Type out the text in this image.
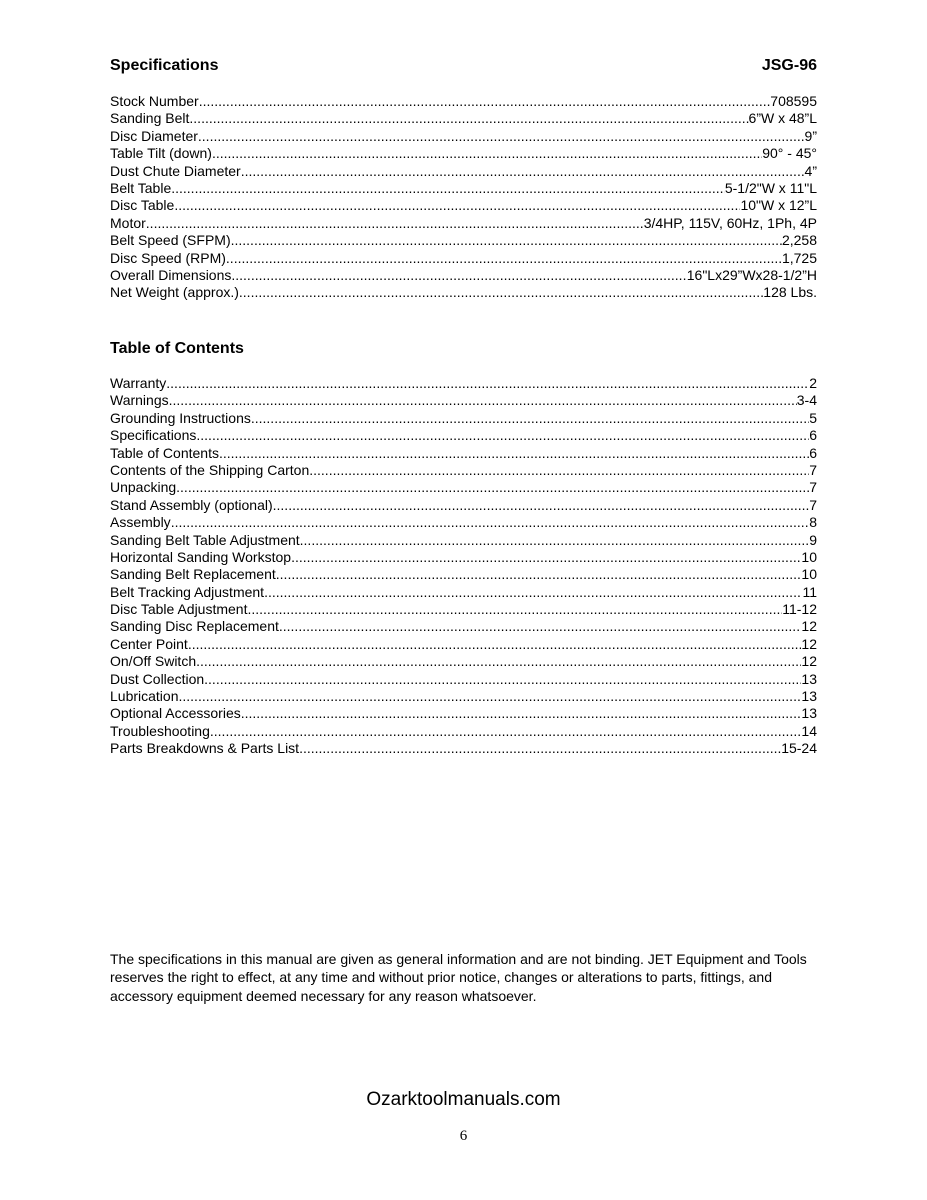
Specifications	JSG-96
Stock Number .....	708595
Sanding Belt .....	6”W x 48”L
Disc Diameter .....	9”
Table Tilt (down) .....	90° - 45°
Dust Chute Diameter .....	4”
Belt Table .....	5-1/2"W x 11"L
Disc Table .....	10"W x 12”L
Motor .....	3/4HP, 115V, 60Hz, 1Ph, 4P
Belt Speed (SFPM) .....	2,258
Disc Speed (RPM) .....	1,725
Overall Dimensions .....	16"Lx29”Wx28-1/2”H
Net Weight (approx.) .....	128 Lbs.
Table of Contents
Warranty .....	2
Warnings .....	3-4
Grounding Instructions .....	5
Specifications .....	6
Table of Contents .....	6
Contents of the Shipping Carton .....	7
Unpacking .....	7
Stand Assembly (optional) .....	7
Assembly .....	8
Sanding Belt Table Adjustment .....	9
Horizontal Sanding Workstop .....	10
Sanding Belt Replacement .....	10
Belt Tracking Adjustment .....	11
Disc Table Adjustment .....	11-12
Sanding Disc Replacement .....	12
Center Point .....	12
On/Off Switch .....	12
Dust Collection .....	13
Lubrication .....	13
Optional Accessories .....	13
Troubleshooting .....	14
Parts Breakdowns & Parts List .....	15-24

The specifications in this manual are given as general information and are not binding. JET Equipment and Tools reserves the right to effect, at any time and without prior notice, changes or alterations to parts, fittings, and accessory equipment deemed necessary for any reason whatsoever.

Ozarktoolmanuals.com
6
